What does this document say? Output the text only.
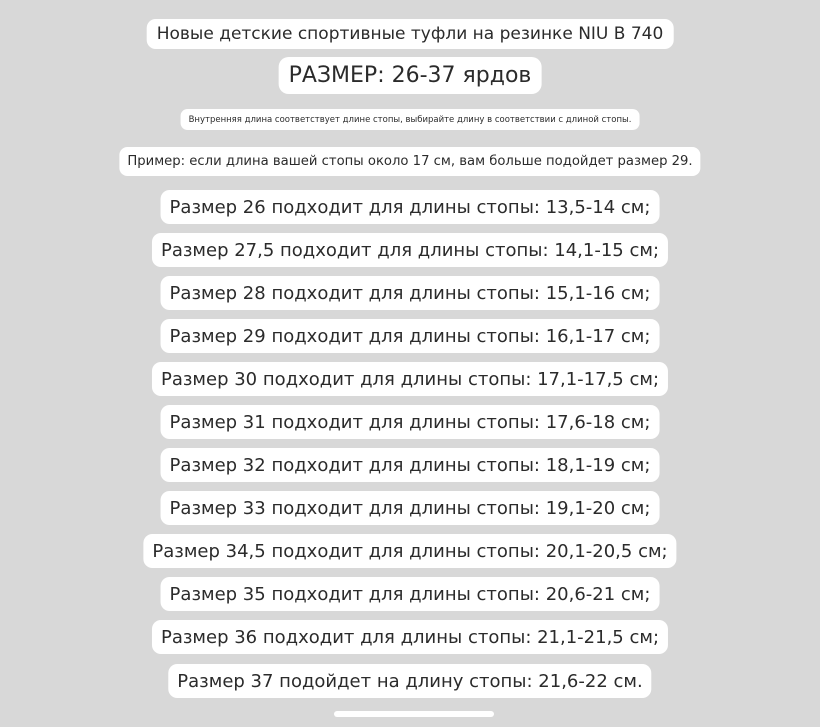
Новые детские спортивные туфли на резинке NIU B 740
РАЗМЕР: 26-37 ярдов
Внутренняя длина соответствует длине стопы, выбирайте длину в соответствии с длиной стопы.
Пример: если длина вашей стопы около 17 см, вам больше подойдет размер 29.
Размер 26 подходит для длины стопы: 13,5-14 см;
Размер 27,5 подходит для длины стопы: 14,1-15 см;
Размер 28 подходит для длины стопы: 15,1-16 см;
Размер 29 подходит для длины стопы: 16,1-17 см;
Размер 30 подходит для длины стопы: 17,1-17,5 см;
Размер 31 подходит для длины стопы: 17,6-18 см;
Размер 32 подходит для длины стопы: 18,1-19 см;
Размер 33 подходит для длины стопы: 19,1-20 см;
Размер 34,5 подходит для длины стопы: 20,1-20,5 см;
Размер 35 подходит для длины стопы: 20,6-21 см;
Размер 36 подходит для длины стопы: 21,1-21,5 см;
Размер 37 подойдет на длину стопы: 21,6-22 см.
